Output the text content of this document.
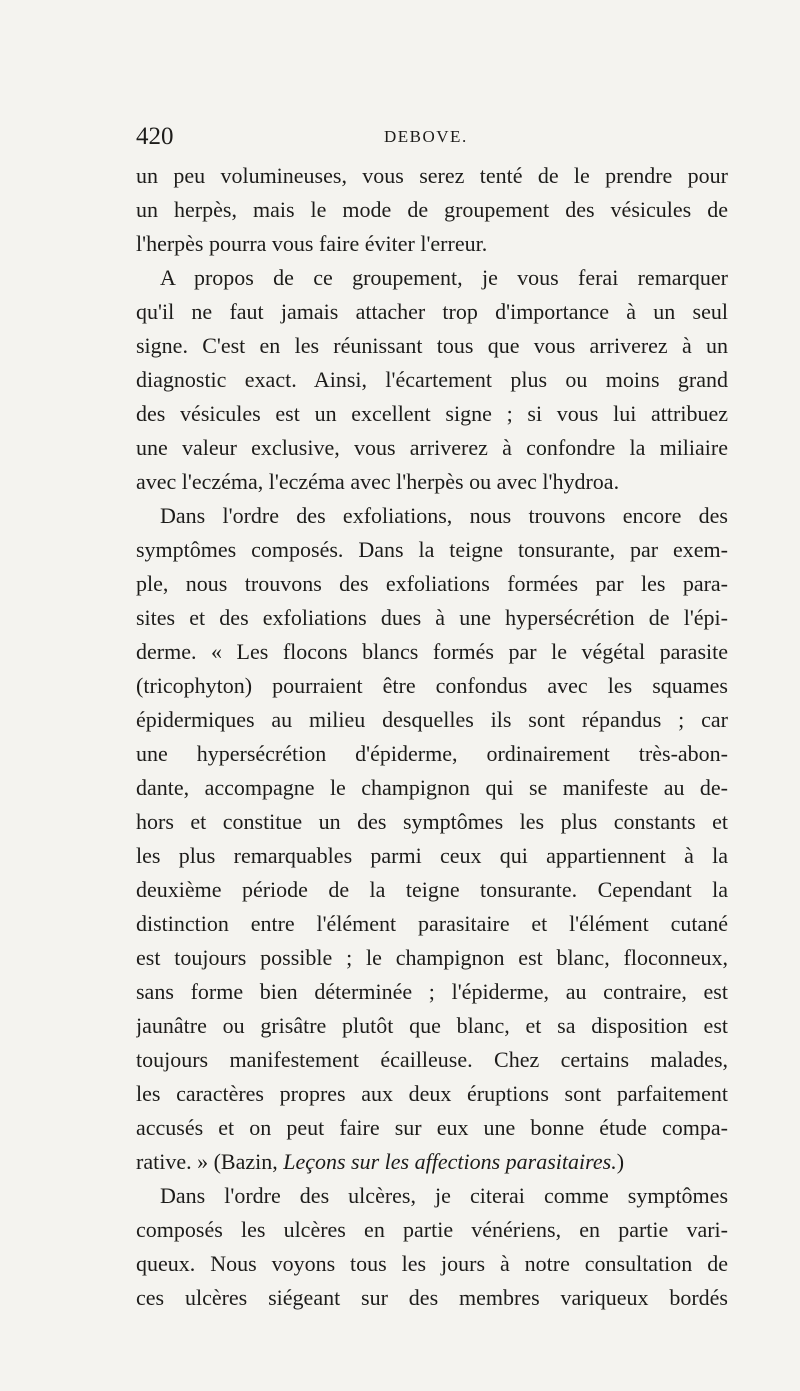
420	DEBOVE.
un peu volumineuses, vous serez tenté de le prendre pour
un herpès, mais le mode de groupement des vésicules de
l'herpès pourra vous faire éviter l'erreur.
A propos de ce groupement, je vous ferai remarquer
qu'il ne faut jamais attacher trop d'importance à un seul
signe. C'est en les réunissant tous que vous arriverez à un
diagnostic exact. Ainsi, l'écartement plus ou moins grand
des vésicules est un excellent signe ; si vous lui attribuez
une valeur exclusive, vous arriverez à confondre la miliaire
avec l'eczéma, l'eczéma avec l'herpès ou avec l'hydroa.
Dans l'ordre des exfoliations, nous trouvons encore des
symptômes composés. Dans la teigne tonsurante, par exem-
ple, nous trouvons des exfoliations formées par les para-
sites et des exfoliations dues à une hypersécrétion de l'épi-
derme. « Les flocons blancs formés par le végétal parasite
(tricophyton) pourraient être confondus avec les squames
épidermiques au milieu desquelles ils sont répandus ; car
une hypersécrétion d'épiderme, ordinairement très-abon-
dante, accompagne le champignon qui se manifeste au de-
hors et constitue un des symptômes les plus constants et
les plus remarquables parmi ceux qui appartiennent à la
deuxième période de la teigne tonsurante. Cependant la
distinction entre l'élément parasitaire et l'élément cutané
est toujours possible ; le champignon est blanc, floconneux,
sans forme bien déterminée ; l'épiderme, au contraire, est
jaunâtre ou grisâtre plutôt que blanc, et sa disposition est
toujours manifestement écailleuse. Chez certains malades,
les caractères propres aux deux éruptions sont parfaitement
accusés et on peut faire sur eux une bonne étude compa-
rative. » (Bazin, Leçons sur les affections parasitaires.)
Dans l'ordre des ulcères, je citerai comme symptômes
composés les ulcères en partie vénériens, en partie vari-
queux. Nous voyons tous les jours à notre consultation de
ces ulcères siégeant sur des membres variqueux bordés
